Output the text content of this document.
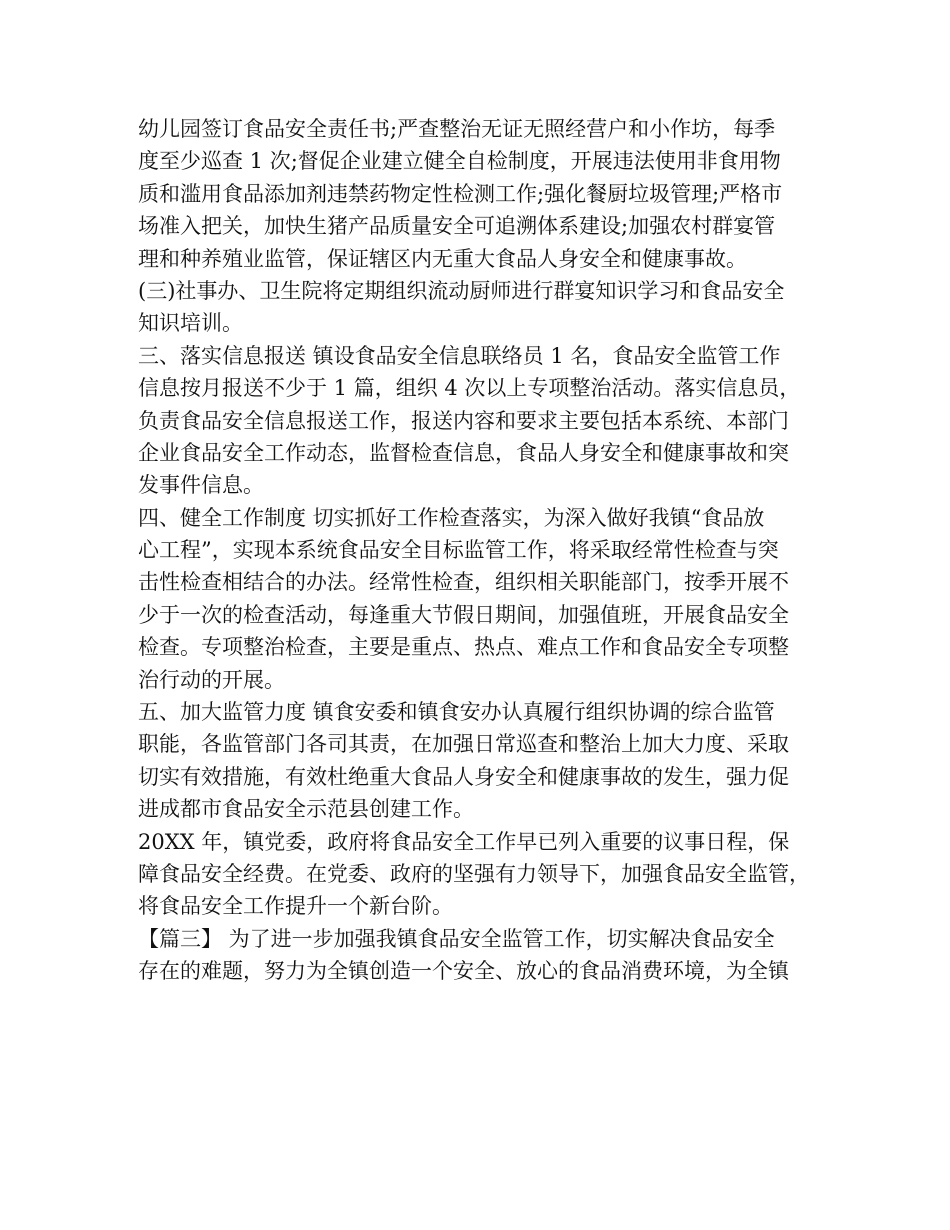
幼儿园签订食品安全责任书;严查整治无证无照经营户和小作坊，每季
度至少巡查 1 次;督促企业建立健全自检制度，开展违法使用非食用物
质和滥用食品添加剂违禁药物定性检测工作;强化餐厨垃圾管理;严格市
场准入把关，加快生猪产品质量安全可追溯体系建设;加强农村群宴管
理和种养殖业监管，保证辖区内无重大食品人身安全和健康事故。
(三)社事办、卫生院将定期组织流动厨师进行群宴知识学习和食品安全
知识培训。
三、落实信息报送 镇设食品安全信息联络员 1 名，食品安全监管工作
信息按月报送不少于 1 篇，组织 4 次以上专项整治活动。落实信息员，
负责食品安全信息报送工作，报送内容和要求主要包括本系统、本部门
企业食品安全工作动态，监督检查信息，食品人身安全和健康事故和突
发事件信息。
四、健全工作制度 切实抓好工作检查落实，为深入做好我镇“食品放
心工程”，实现本系统食品安全目标监管工作，将采取经常性检查与突
击性检查相结合的办法。经常性检查，组织相关职能部门，按季开展不
少于一次的检查活动，每逢重大节假日期间，加强值班，开展食品安全
检查。专项整治检查，主要是重点、热点、难点工作和食品安全专项整
治行动的开展。
五、加大监管力度 镇食安委和镇食安办认真履行组织协调的综合监管
职能，各监管部门各司其责，在加强日常巡查和整治上加大力度、采取
切实有效措施，有效杜绝重大食品人身安全和健康事故的发生，强力促
进成都市食品安全示范县创建工作。
20XX 年，镇党委，政府将食品安全工作早已列入重要的议事日程，保
障食品安全经费。在党委、政府的坚强有力领导下，加强食品安全监管，
将食品安全工作提升一个新台阶。
【篇三】 为了进一步加强我镇食品安全监管工作，切实解决食品安全
存在的难题，努力为全镇创造一个安全、放心的食品消费环境，为全镇
